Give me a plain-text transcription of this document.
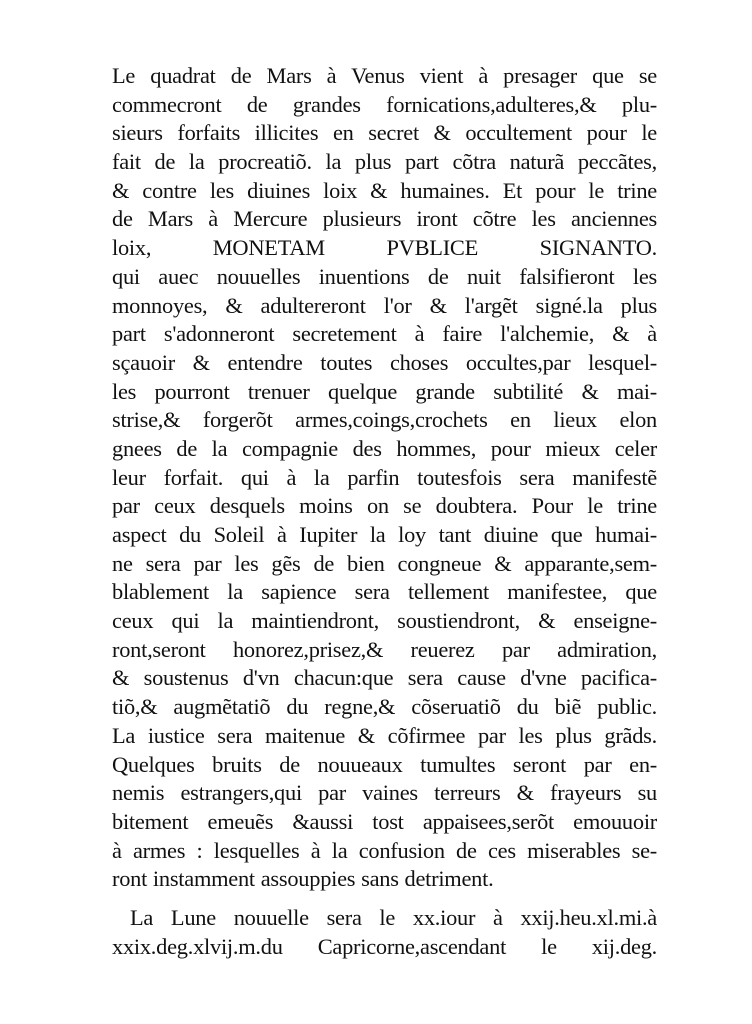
Le quadrat de Mars à Venus vient à presager que se
commecront de grandes fornications,adulteres,& plu-
sieurs forfaits illicites en secret & occultement pour le
fait de la procreatiõ. la plus part cõtra naturã peccãtes,
& contre les diuines loix & humaines. Et pour le trine
de Mars à Mercure plusieurs iront cõtre les anciennes
loix, MONETAM PVBLICE SIGNANTO.
qui auec nouuelles inuentions de nuit falsifieront les
monnoyes, & adultereront l'or & l'argẽt signé.la plus
part s'adonneront secretement à faire l'alchemie, & à
sçauoir & entendre toutes choses occultes,par lesquel-
les pourront trenuer quelque grande subtilité & mai-
strise,& forgerõt armes,coings,crochets en lieux elon
gnees de la compagnie des hommes, pour mieux celer
leur forfait. qui à la parfin toutesfois sera manifestẽ
par ceux desquels moins on se doubtera. Pour le trine
aspect du Soleil à Iupiter la loy tant diuine que humai-
ne sera par les gẽs de bien congneue & apparante,sem-
blablement la sapience sera tellement manifestee, que
ceux qui la maintiendront, soustiendront, & enseigne-
ront,seront honorez,prisez,& reuerez par admiration,
& soustenus d'vn chacun:que sera cause d'vne pacifica-
tiõ,& augmẽtatiõ du regne,& cõseruatiõ du biẽ public.
La iustice sera maitenue & cõfirmee par les plus grãds.
Quelques bruits de nouueaux tumultes seront par en-
nemis estrangers,qui par vaines terreurs & frayeurs su
bitement emeuẽs &aussi tost appaisees,serõt emouuoir
à armes : lesquelles à la confusion de ces miserables se-
ront instamment assouppies sans detriment.
La Lune nouuelle sera le xx.iour à xxij.heu.xl.mi.à
xxix.deg.xlvij.m.du Capricorne,ascendant le xij.deg.
